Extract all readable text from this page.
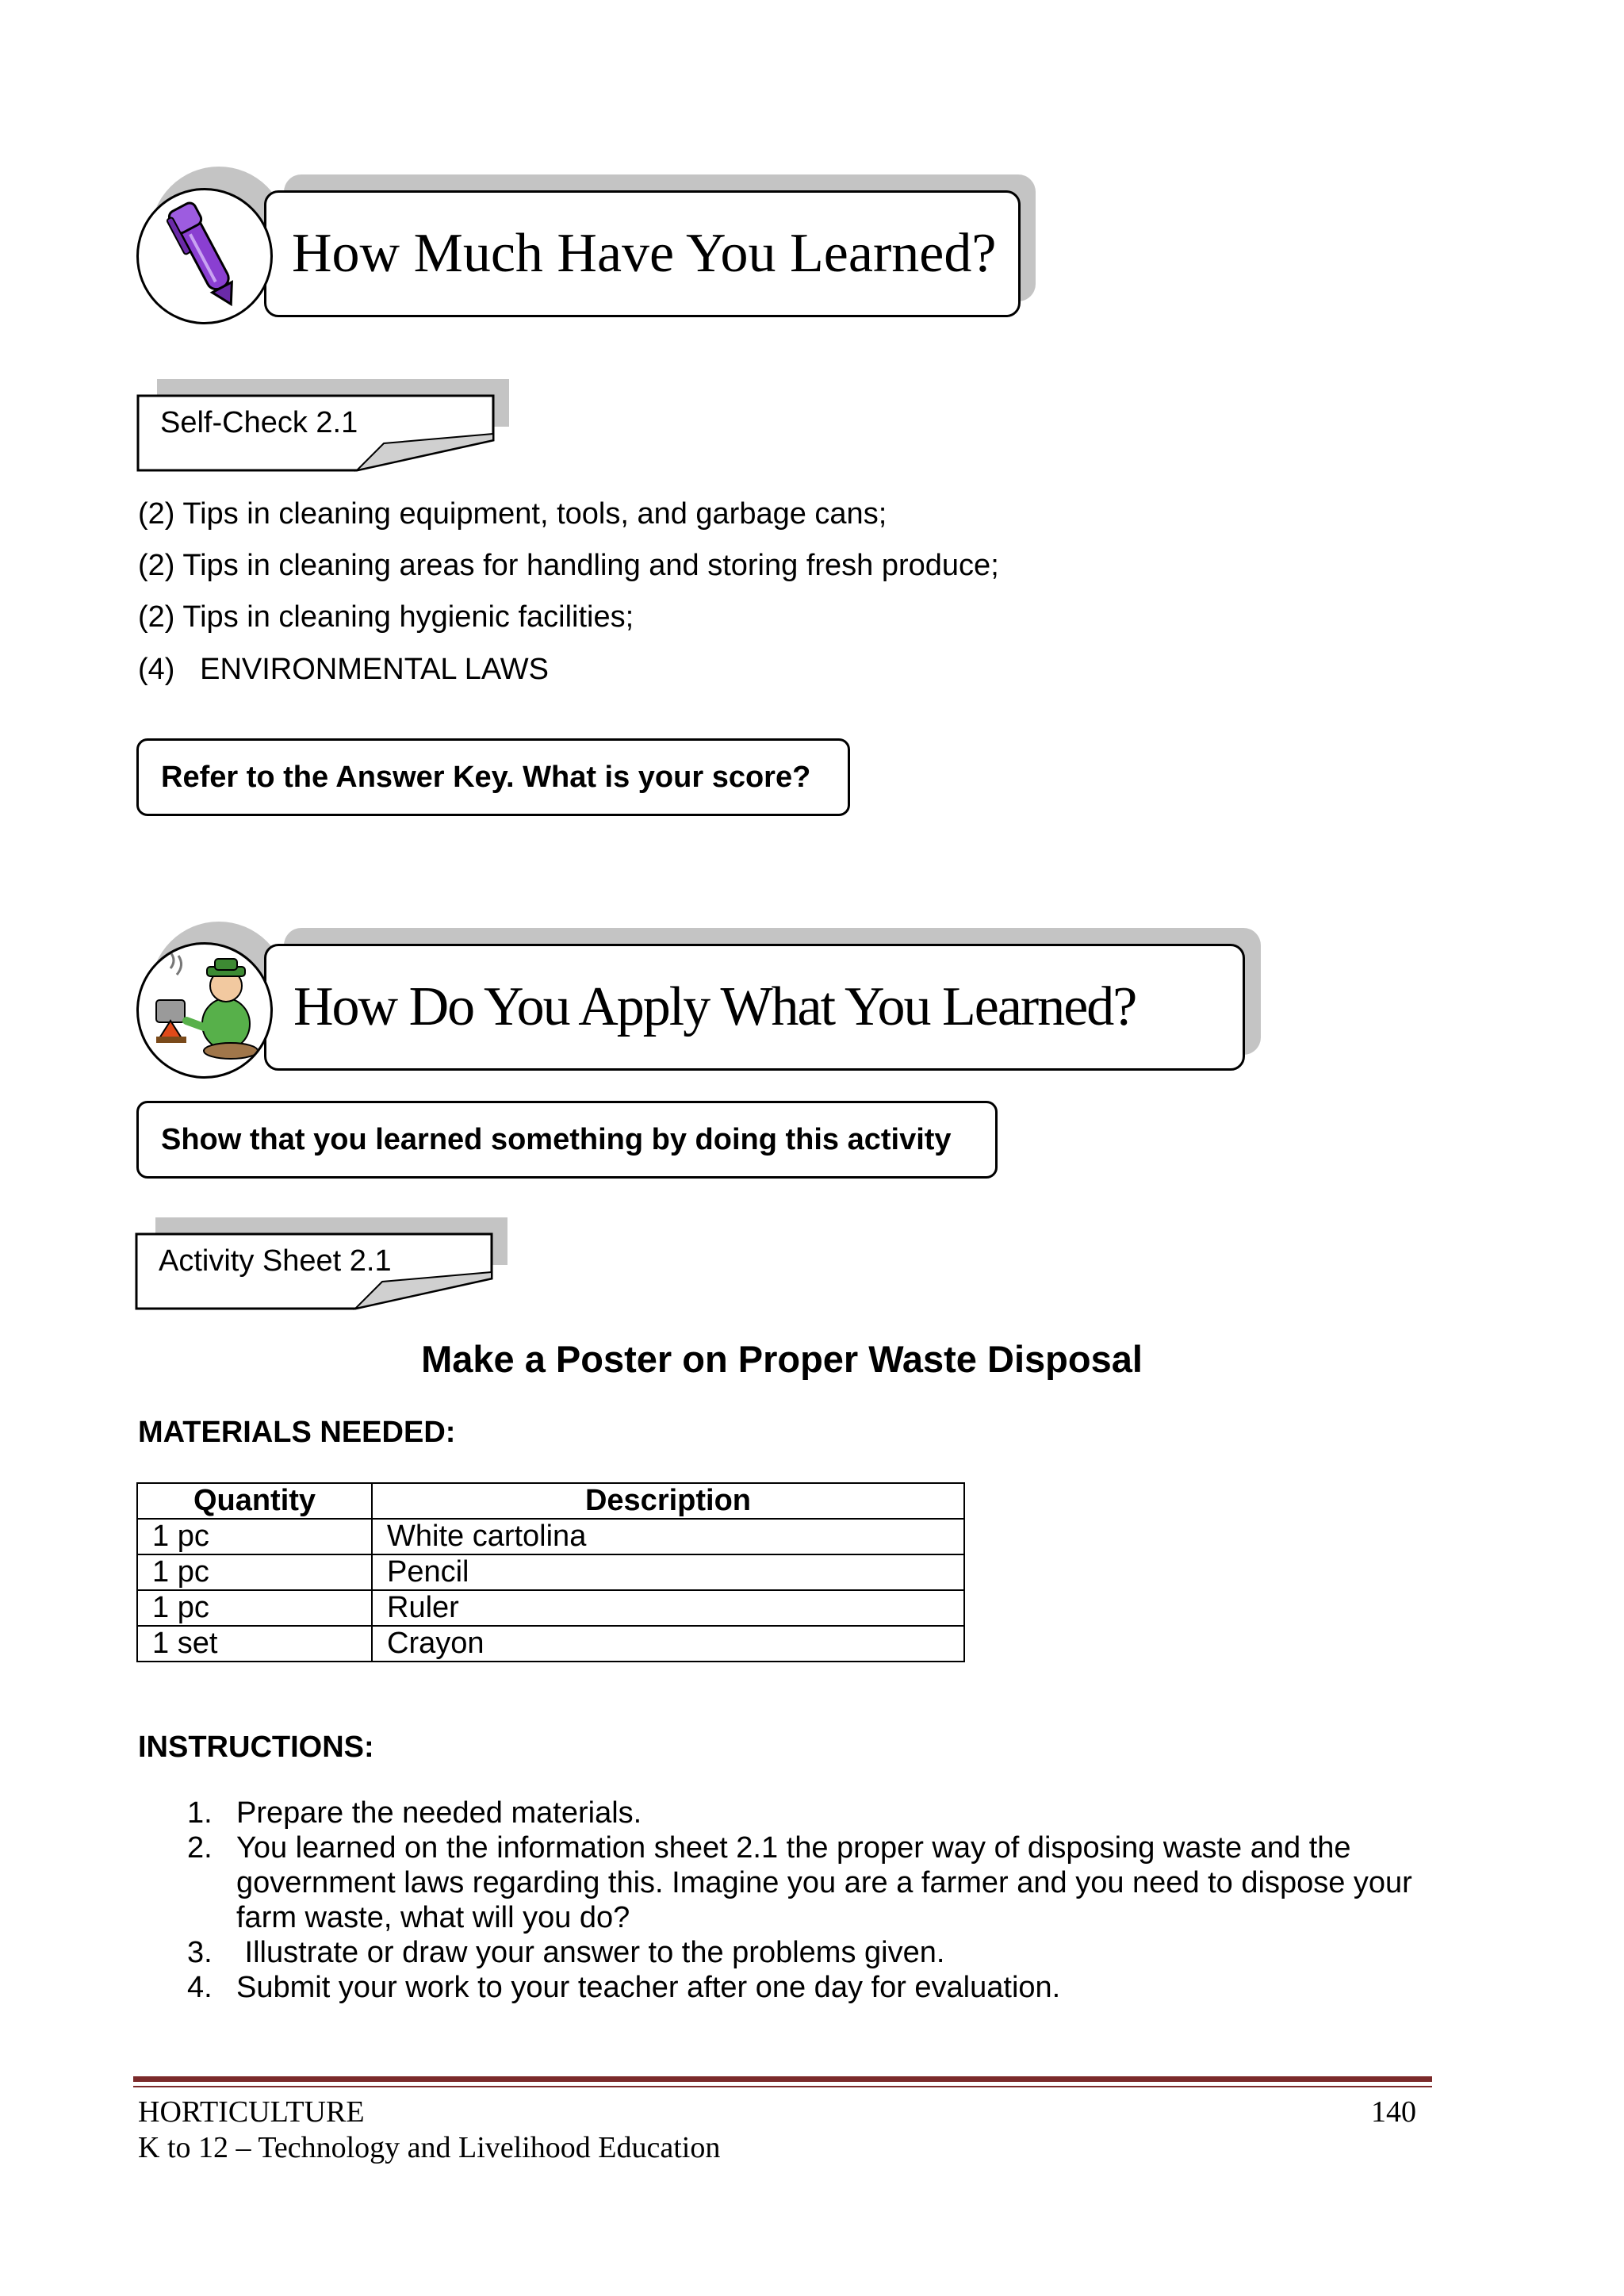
How Much Have You Learned?
Self-Check 2.1
(2) Tips in cleaning equipment, tools, and garbage cans;
(2) Tips in cleaning areas for handling and storing fresh produce;
(2) Tips in cleaning hygienic facilities;
(4)   ENVIRONMENTAL LAWS
Refer to the Answer Key. What is your score?
How Do You Apply What You Learned?
Show that you learned something by doing this activity
Activity Sheet 2.1
Make a Poster on Proper Waste Disposal
MATERIALS NEEDED:
Quantity	Description
1 pc	White cartolina
1 pc	Pencil
1 pc	Ruler
1 set	Crayon
INSTRUCTIONS:
1. Prepare the needed materials.
2. You learned on the information sheet 2.1 the proper way of disposing waste and the government laws regarding this. Imagine you are a farmer and you need to dispose your farm waste, what will you do?
3. Illustrate or draw your answer to the problems given.
4. Submit your work to your teacher after one day for evaluation.
HORTICULTURE
K to 12 – Technology and Livelihood Education
140
